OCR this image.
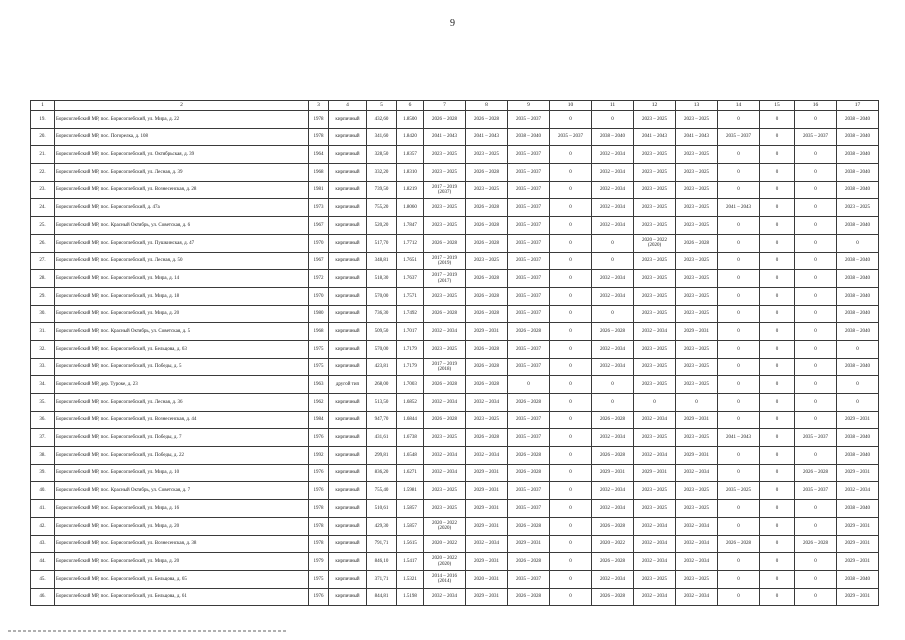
9
1	2	3	4	5	6	7	8	9	10	11	12	13	14	15	16	17
19.	Борисоглебский МР, пос. Борисоглебский, ул. Мира, д. 22	1978	кирпичный	432,60	1.8500	2026 – 2028	2026 – 2028	2035 – 2037	0	0	2023 – 2025	2023 – 2025	0	0	0	2038 – 2040
20.	Борисоглебский МР, пос. Погорелка, д. 108	1978	кирпичный	341,60	1.8420	2041 – 2043	2041 – 2043	2038 – 2040	2035 – 2037	2038 – 2040	2041 – 2043	2041 – 2043	2035 – 2037	0	2035 – 2037	2038 – 2040
21.	Борисоглебский МР, пос. Борисоглебский, ул. Октябрьская, д. 39	1964	кирпичный	328,50	1.8357	2023 – 2025	2023 – 2025	2035 – 2037	0	2032 – 2034	2023 – 2025	2023 – 2025	0	0	0	2038 – 2040
22.	Борисоглебский МР, пос. Борисоглебский, ул. Лесная, д. 39	1968	кирпичный	332,20	1.8310	2023 – 2025	2026 – 2028	2035 – 2037	0	2032 – 2034	2023 – 2025	2023 – 2025	0	0	0	2038 – 2040
23.	Борисоглебский МР, пос. Борисоглебский, ул. Вознесенская, д. 28	1981	кирпичный	739,50	1.8219	2017 – 2019 (2037)	2023 – 2025	2035 – 2037	0	2032 – 2034	2023 – 2025	2023 – 2025	0	0	0	2038 – 2040
24.	Борисоглебский МР, пос. Борисоглебский, д. 47а	1973	кирпичный	755,20	1.8060	2023 – 2025	2026 – 2028	2035 – 2037	0	2032 – 2034	2023 – 2025	2023 – 2025	2041 – 2043	0	0	2023 – 2025
25.	Борисоглебский МР, пос. Красный Октябрь, ул. Советская, д. 6	1967	кирпичный	520,20	1.7847	2023 – 2025	2026 – 2028	2035 – 2037	0	2032 – 2034	2023 – 2025	2023 – 2025	0	0	0	2038 – 2040
26.	Борисоглебский МР, пос. Борисоглебский, ул. Пушкинская, д. 47	1970	кирпичный	517,70	1.7712	2026 – 2028	2026 – 2028	2035 – 2037	0	0	2020 – 2022 (2020)	2026 – 2028	0	0	0	0
27.	Борисоглебский МР, пос. Борисоглебский, ул. Лесная, д. 50	1967	кирпичный	348,81	1.7651	2017 – 2019 (2019)	2023 – 2025	2035 – 2037	0	0	2023 – 2025	2023 – 2025	0	0	0	2038 – 2040
28.	Борисоглебский МР, пос. Борисоглебский, ул. Мира, д. 14	1972	кирпичный	518,30	1.7637	2017 – 2019 (2017)	2026 – 2028	2035 – 2037	0	2032 – 2034	2023 – 2025	2023 – 2025	0	0	0	2038 – 2040
29.	Борисоглебский МР, пос. Борисоглебский, ул. Мира, д. 18	1970	кирпичный	570,00	1.7571	2023 – 2025	2026 – 2028	2035 – 2037	0	2032 – 2034	2023 – 2025	2023 – 2025	0	0	0	2038 – 2040
30.	Борисоглебский МР, пос. Борисоглебский, ул. Мира, д. 20	1980	кирпичный	736,30	1.7492	2026 – 2028	2026 – 2028	2035 – 2037	0	0	2023 – 2025	2023 – 2025	0	0	0	2038 – 2040
31.	Борисоглебский МР, пос. Красный Октябрь, ул. Советская, д. 5	1968	кирпичный	509,50	1.7017	2032 – 2034	2029 – 2031	2026 – 2028	0	2026 – 2028	2032 – 2034	2029 – 2031	0	0	0	2038 – 2040
32.	Борисоглебский МР, пос. Борисоглебский, ул. Бельцова, д. 63	1975	кирпичный	570,00	1.7179	2023 – 2025	2026 – 2028	2035 – 2037	0	2032 – 2034	2023 – 2025	2023 – 2025	0	0	0	0
33.	Борисоглебский МР, пос. Борисоглебский, ул. Победы, д. 5	1975	кирпичный	423,81	1.7179	2017 – 2019 (2018)	2026 – 2028	2035 – 2037	0	2032 – 2034	2023 – 2025	2023 – 2025	0	0	0	2038 – 2040
34.	Борисоглебский МР, дер. Туроке, д. 23	1963	другой тип	268,00	1.7003	2026 – 2028	2026 – 2028	0	0	0	2023 – 2025	2023 – 2025	0	0	0	0
35.	Борисоглебский МР, пос. Борисоглебский, ул. Лесная, д. 36	1962	кирпичный	513,50	1.6852	2032 – 2034	2032 – 2034	2026 – 2028	0	0	0	0	0	0	0	0
36.	Борисоглебский МР, пос. Борисоглебский, ул. Вознесенская, д. 44	1984	кирпичный	947,70	1.6844	2026 – 2028	2023 – 2025	2035 – 2037	0	2026 – 2028	2032 – 2034	2029 – 2031	0	0	0	2029 – 2031
37.	Борисоглебский МР, пос. Борисоглебский, ул. Победы, д. 7	1976	кирпичный	431,61	1.6738	2023 – 2025	2026 – 2028	2035 – 2037	0	2032 – 2034	2023 – 2025	2023 – 2025	2041 – 2043	0	2035 – 2037	2038 – 2040
38.	Борисоглебский МР, пос. Борисоглебский, ул. Победы, д. 22	1992	кирпичный	299,81	1.6548	2032 – 2034	2032 – 2034	2026 – 2028	0	2026 – 2028	2032 – 2034	2029 – 2031	0	0	0	2038 – 2040
39.	Борисоглебский МР, пос. Борисоглебский, ул. Мира, д. 10	1976	кирпичный	836,20	1.6271	2032 – 2034	2029 – 2031	2026 – 2028	0	2029 – 2031	2029 – 2031	2032 – 2034	0	0	2026 – 2028	2029 – 2031
40.	Борисоглебский МР, пос. Красный Октябрь, ул. Советская, д. 7	1976	кирпичный	755,40	1.5981	2023 – 2025	2029 – 2031	2035 – 2037	0	2032 – 2034	2023 – 2025	2023 – 2025	2035 – 2025	0	2035 – 2037	2032 – 2034
41.	Борисоглебский МР, пос. Борисоглебский, ул. Мира, д. 16	1978	кирпичный	510,61	1.5857	2023 – 2025	2029 – 2031	2035 – 2037	0	2032 – 2034	2023 – 2025	2023 – 2025	0	0	0	2038 – 2040
42.	Борисоглебский МР, пос. Борисоглебский, ул. Мира, д. 20	1978	кирпичный	429,30	1.5857	2020 – 2022 (2020)	2029 – 2031	2026 – 2028	0	2026 – 2028	2032 – 2034	2032 – 2034	0	0	0	2029 – 2031
43.	Борисоглебский МР, пос. Борисоглебский, ул. Вознесенская, д. 38	1978	кирпичный	791,71	1.5615	2020 – 2022	2032 – 2034	2029 – 2031	0	2020 – 2022	2032 – 2034	2032 – 2034	2026 – 2028	0	2026 – 2028	2029 – 2031
44.	Борисоглебский МР, пос. Борисоглебский, ул. Мира, д. 20	1979	кирпичный	846,10	1.5417	2020 – 2022 (2020)	2029 – 2031	2026 – 2028	0	2026 – 2028	2032 – 2034	2032 – 2034	0	0	0	2029 – 2031
45.	Борисоглебский МР, пос. Борисоглебский, ул. Бельцова, д. 65	1975	кирпичный	371,71	1.5321	2014 – 2016 (2014)	2020 – 2031	2035 – 2037	0	2032 – 2034	2023 – 2025	2023 – 2025	0	0	0	2038 – 2040
46.	Борисоглебский МР, пос. Борисоглебский, ул. Бельцова, д. 61	1976	кирпичный	844,81	1.5198	2032 – 2034	2029 – 2031	2026 – 2028	0	2026 – 2028	2032 – 2034	2032 – 2034	0	0	0	2029 – 2031
